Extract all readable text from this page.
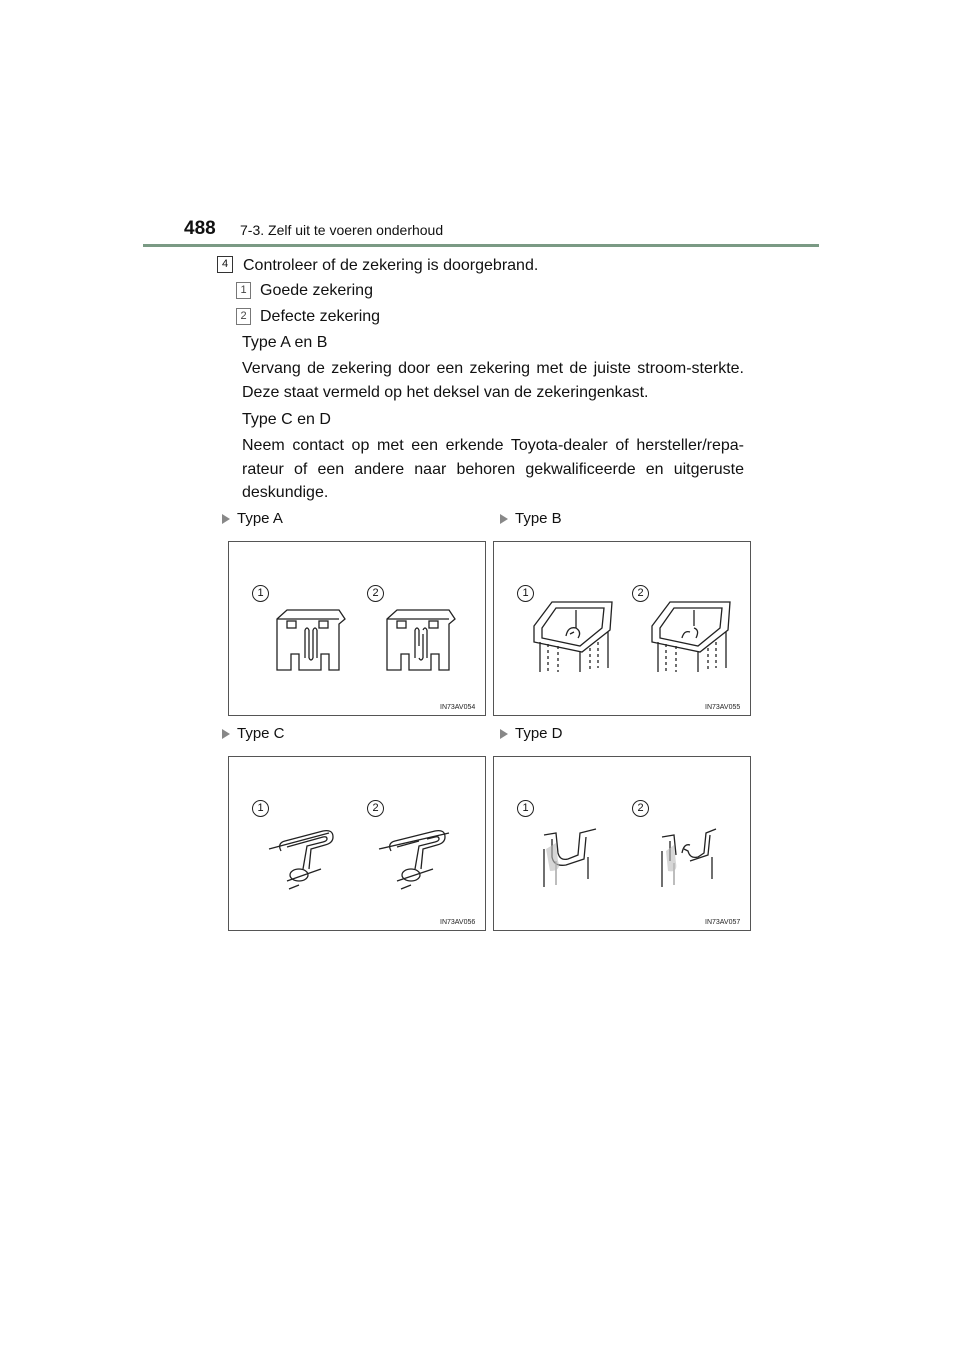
488 7-3. Zelf uit te voeren onderhoud
4 Controleer of de zekering is doorgebrand.
1 Goede zekering
2 Defecte zekering
Type A en B
Vervang de zekering door een zekering met de juiste stroom-sterkte. Deze staat vermeld op het deksel van de zekeringenkast.
Type C en D
Neem contact op met een erkende Toyota-dealer of hersteller/repa-rateur of een andere naar behoren gekwalificeerde en uitgeruste deskundige.
Type A	Type B
Type C	Type D
1	2
IN73AV054
1	2
IN73AV055
1	2
IN73AV056
1	2
IN73AV057
